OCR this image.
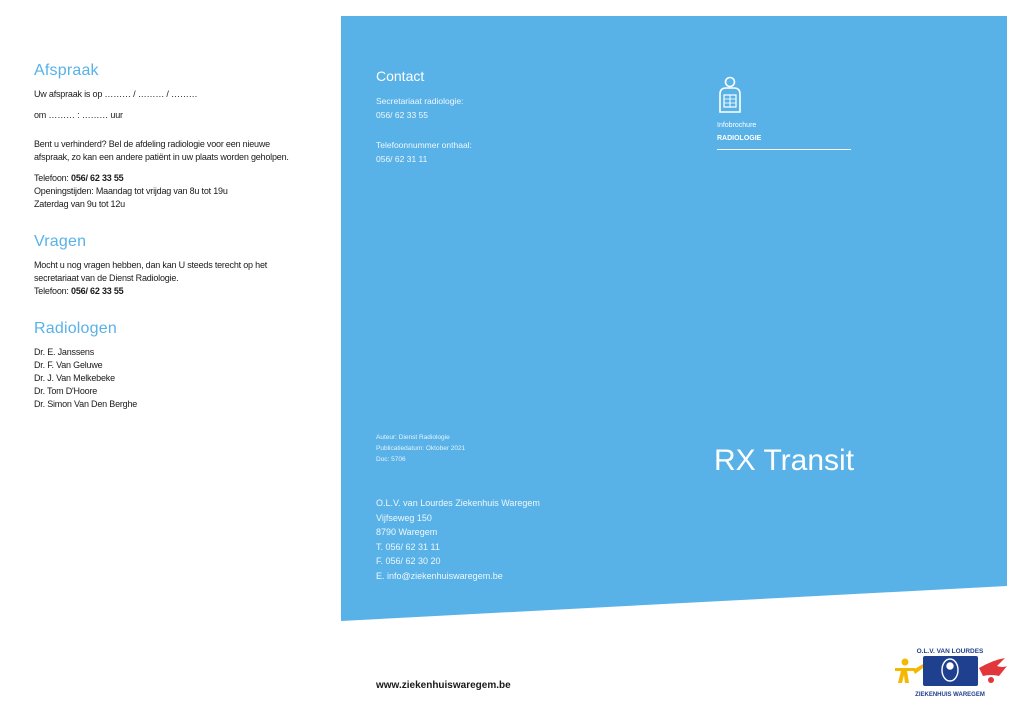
Afspraak

Uw afspraak is op ……… / ……… / ………

om ……… : ……… uur

Bent u verhinderd? Bel de afdeling radiologie voor een nieuwe afspraak, zo kan een andere patiënt in uw plaats worden geholpen.

Telefoon: 056/ 62 33 55

Openingstijden: Maandag tot vrijdag van 8u tot 19u

Zaterdag van 9u tot 12u

Vragen

Mocht u nog vragen hebben, dan kan U steeds terecht op het secretariaat van de Dienst Radiologie.

Telefoon: 056/ 62 33 55

Radiologen

Dr. E. Janssens

Dr. F. Van Geluwe

Dr. J. Van Melkebeke

Dr. Tom D'Hoore

Dr. Simon Van Den Berghe

Contact

Secretariaat radiologie:

056/ 62 33 55

Telefoonnummer onthaal:

056/ 62 31 11

Infobrochure

RADIOLOGIE

Auteur: Dienst Radiologie
Publicatiedatum: Oktober 2021
Doc: 5706	RX Transit
O.L.V. van Lourdes Ziekenhuis Waregem
Vijfseweg 150
8790 Waregem
T. 056/ 62 31 11
F. 056/ 62 30 20
E. info@ziekenhuiswaregem.be
www.ziekenhuiswaregem.be
O.L.V. VAN LOURDES
ZIEKENHUIS WAREGEM
